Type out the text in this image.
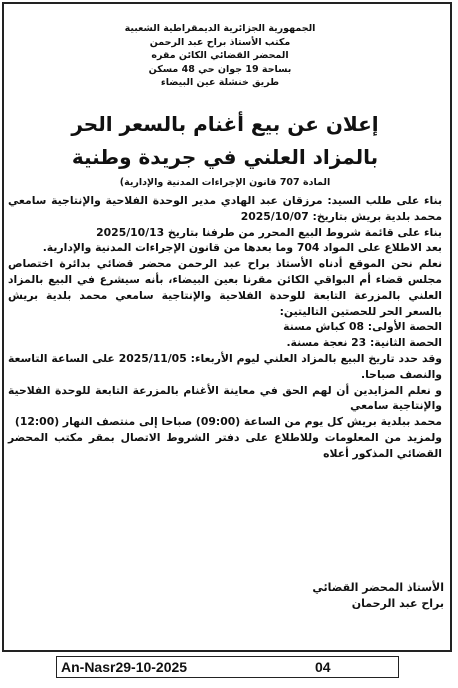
الجمهورية الجزائرية الديمقراطية الشعبية
مكتب الأستاذ براح عبد الرحمن
المحضر القضائي الكائن مقره
بساحة 19 جوان حي 48 مسكن
طريق خنشلة عين البيضاء
إعلان عن بيع أغنام بالسعر الحر
بالمزاد العلني في جريدة وطنية
المادة 707 قانون الإجراءات المدنية والإدارية)

بناء على طلب السيد: مرزقان عبد الهادي مدير الوحدة الفلاحية والإنتاجية سامعي محمد بلدية بريش بتاريخ: 2025/10/07

بناء على قائمة شروط البيع المحرر من طرفنا بتاريخ 2025/10/13

بعد الاطلاع على المواد 704 وما بعدها من قانون الإجراءات المدنية والإدارية.

نعلم نحن الموقع أدناه الأستاذ براح عبد الرحمن محضر قضائي بدائرة اختصاص مجلس قضاء أم البواقي الكائن مقرنا بعين البيضاء، بأنه سيشرع في البيع بالمزاد العلني بالمزرعة التابعة للوحدة الفلاحية والإنتاجية سامعي محمد بلدية بريش بالسعر الحر للحصتين التاليتين:

الحصة الأولى: 08 كباش مسنة

الحصة الثانية: 23 نعجة مسنة.

وقد حدد تاريخ البيع بالمزاد العلني ليوم الأربعاء: 2025/11/05 على الساعة التاسعة والنصف صباحا.

و نعلم المزايدين أن لهم الحق في معاينة الأغنام بالمزرعة التابعة للوحدة الفلاحية والإنتاجية سامعي

محمد ببلدية بريش كل يوم من الساعة (09:00) صباحا إلى منتصف النهار (12:00)

ولمزيد من المعلومات وللاطلاع على دفتر الشروط الاتصال بمقر مكتب المحضر القضائي المذكور أعلاه

الأستاذ المحضر القضائي
براح عبد الرحمان
An-Nasr29-10-2025	04
